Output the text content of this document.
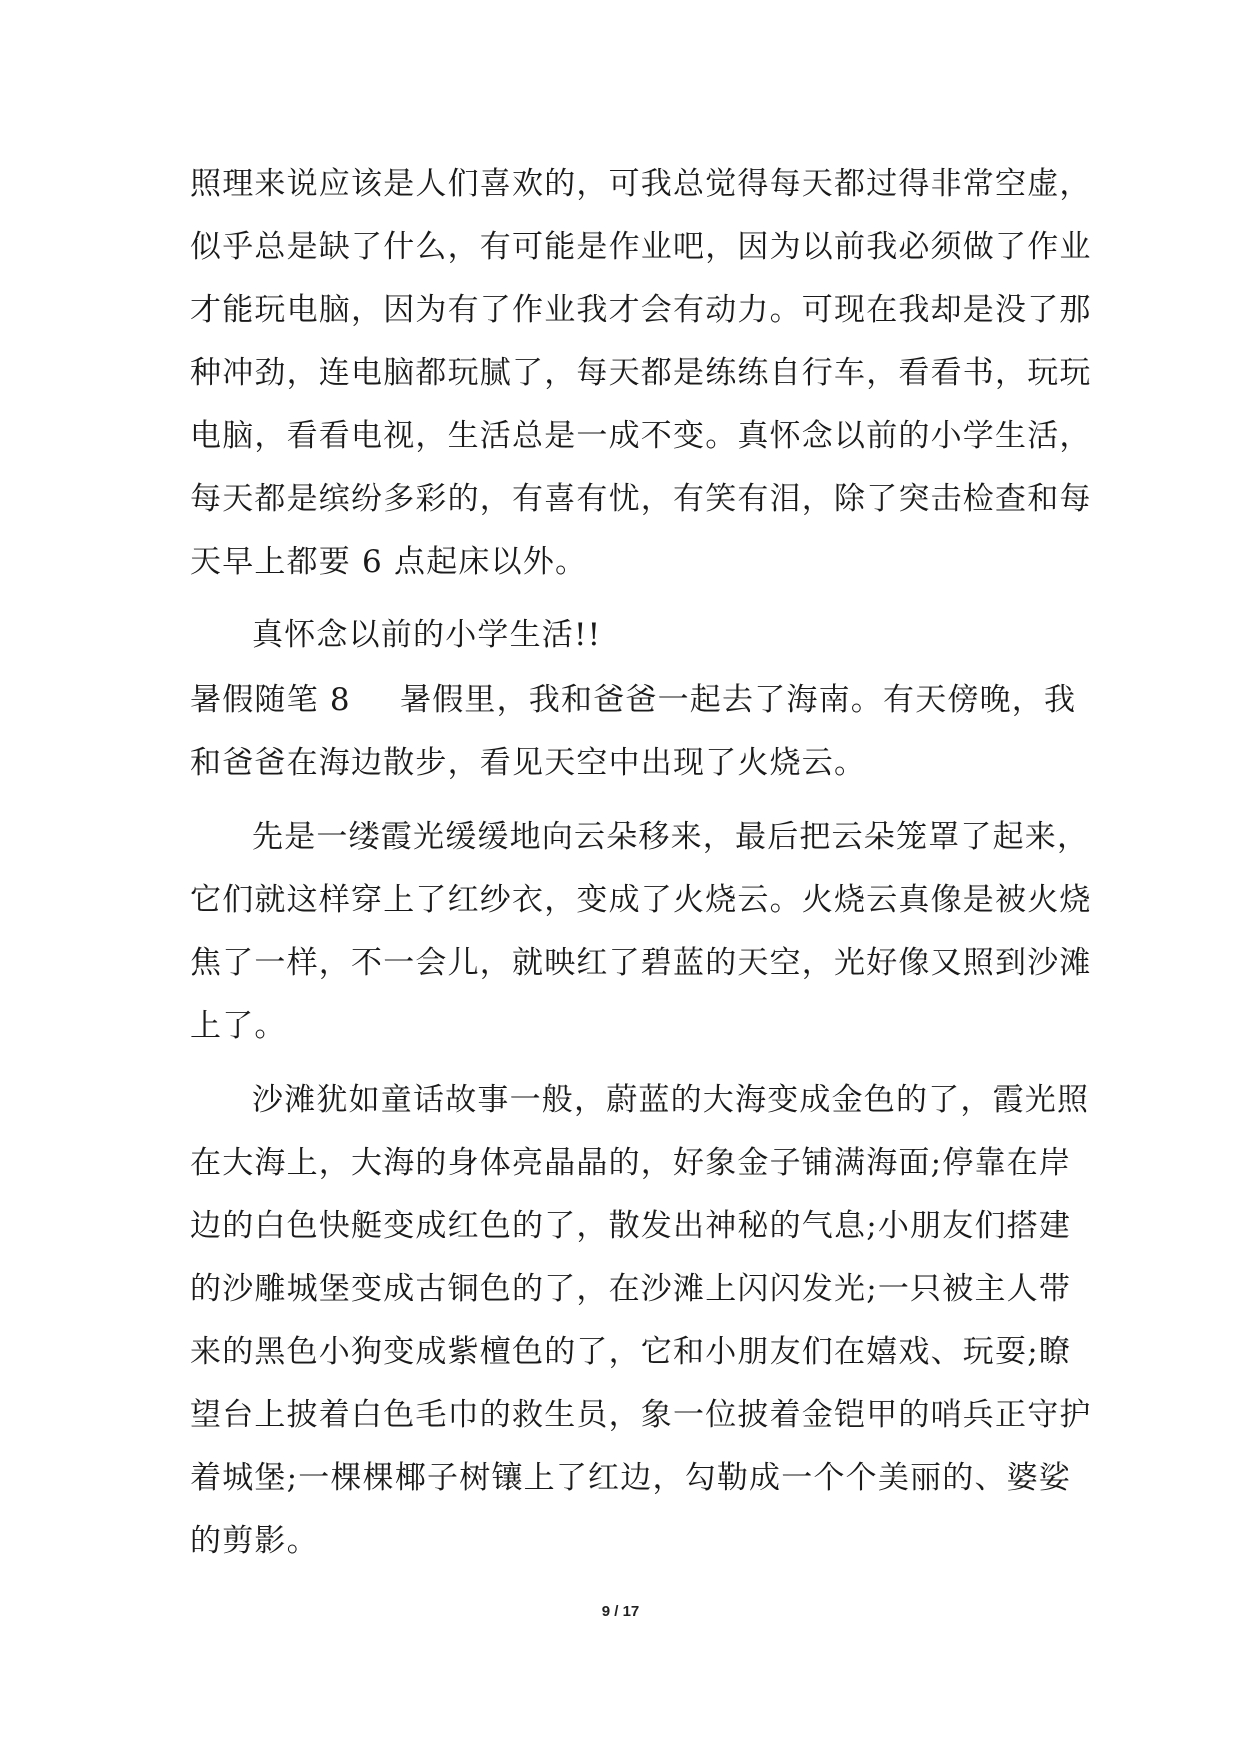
照理来说应该是人们喜欢的，可我总觉得每天都过得非常空虚，
似乎总是缺了什么，有可能是作业吧，因为以前我必须做了作业
才能玩电脑，因为有了作业我才会有动力。可现在我却是没了那
种冲劲，连电脑都玩腻了，每天都是练练自行车，看看书，玩玩
电脑，看看电视，生活总是一成不变。真怀念以前的小学生活，
每天都是缤纷多彩的，有喜有忧，有笑有泪，除了突击检查和每
天早上都要 6 点起床以外。
真怀念以前的小学生活!!
暑假随笔 8 暑假里，我和爸爸一起去了海南。有天傍晚，我
和爸爸在海边散步，看见天空中出现了火烧云。
先是一缕霞光缓缓地向云朵移来，最后把云朵笼罩了起来，
它们就这样穿上了红纱衣，变成了火烧云。火烧云真像是被火烧
焦了一样，不一会儿，就映红了碧蓝的天空，光好像又照到沙滩
上了。
沙滩犹如童话故事一般，蔚蓝的大海变成金色的了，霞光照
在大海上，大海的身体亮晶晶的，好象金子铺满海面;停靠在岸
边的白色快艇变成红色的了，散发出神秘的气息;小朋友们搭建
的沙雕城堡变成古铜色的了，在沙滩上闪闪发光;一只被主人带
来的黑色小狗变成紫檀色的了，它和小朋友们在嬉戏、玩耍;瞭
望台上披着白色毛巾的救生员，象一位披着金铠甲的哨兵正守护
着城堡;一棵棵椰子树镶上了红边，勾勒成一个个美丽的、婆娑
的剪影。
9 / 17
